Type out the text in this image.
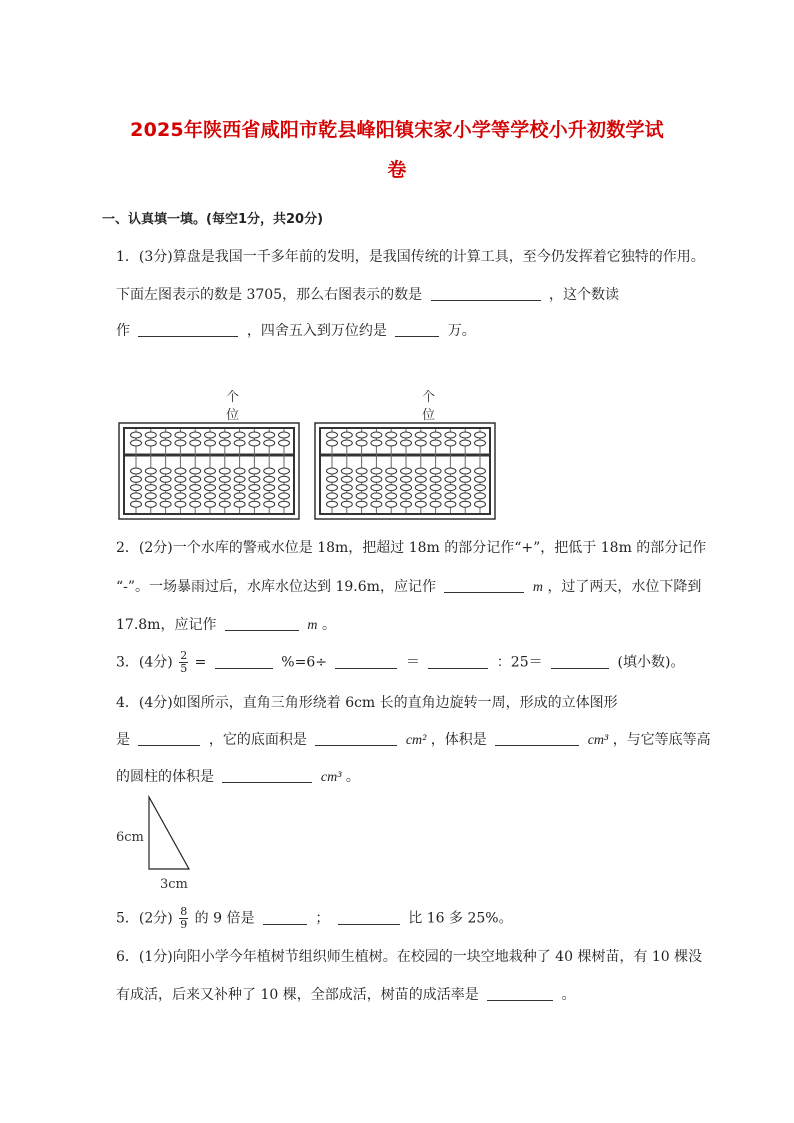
2025年陕西省咸阳市乾县峰阳镇宋家小学等学校小升初数学试
卷
一、认真填一填。(每空1分，共20分)
1．(3分)算盘是我国一千多年前的发明，是我国传统的计算工具，至今仍发挥着它独特的作用。
下面左图表示的数是 3705，那么右图表示的数是	，这个数读
作	，四舍五入到万位约是	万。
个
位
个
位
2．(2分)一个水库的警戒水位是 18m，把超过 18m 的部分记作“+”，把低于 18m 的部分记作
“-”。一场暴雨过后，水库水位达到 19.6m，应记作	m ，过了两天，水位下降到
17.8m，应记作	m 。
3．(4分) $\frac{2}{5}$ =	%=6÷	＝	：25＝	(填小数)。
4．(4分)如图所示，直角三角形绕着 6cm 长的直角边旋转一周，形成的立体图形
是	，它的底面积是	cm² ，体积是	cm³ ，与它等底等高
的圆柱的体积是	cm³ 。
6cm
3cm
5．(2分) $\frac{8}{9}$ 的 9 倍是	；	比 16 多 25%。
6．(1分)向阳小学今年植树节组织师生植树。在校园的一块空地栽种了 40 棵树苗，有 10 棵没
有成活，后来又补种了 10 棵，全部成活，树苗的成活率是	。
